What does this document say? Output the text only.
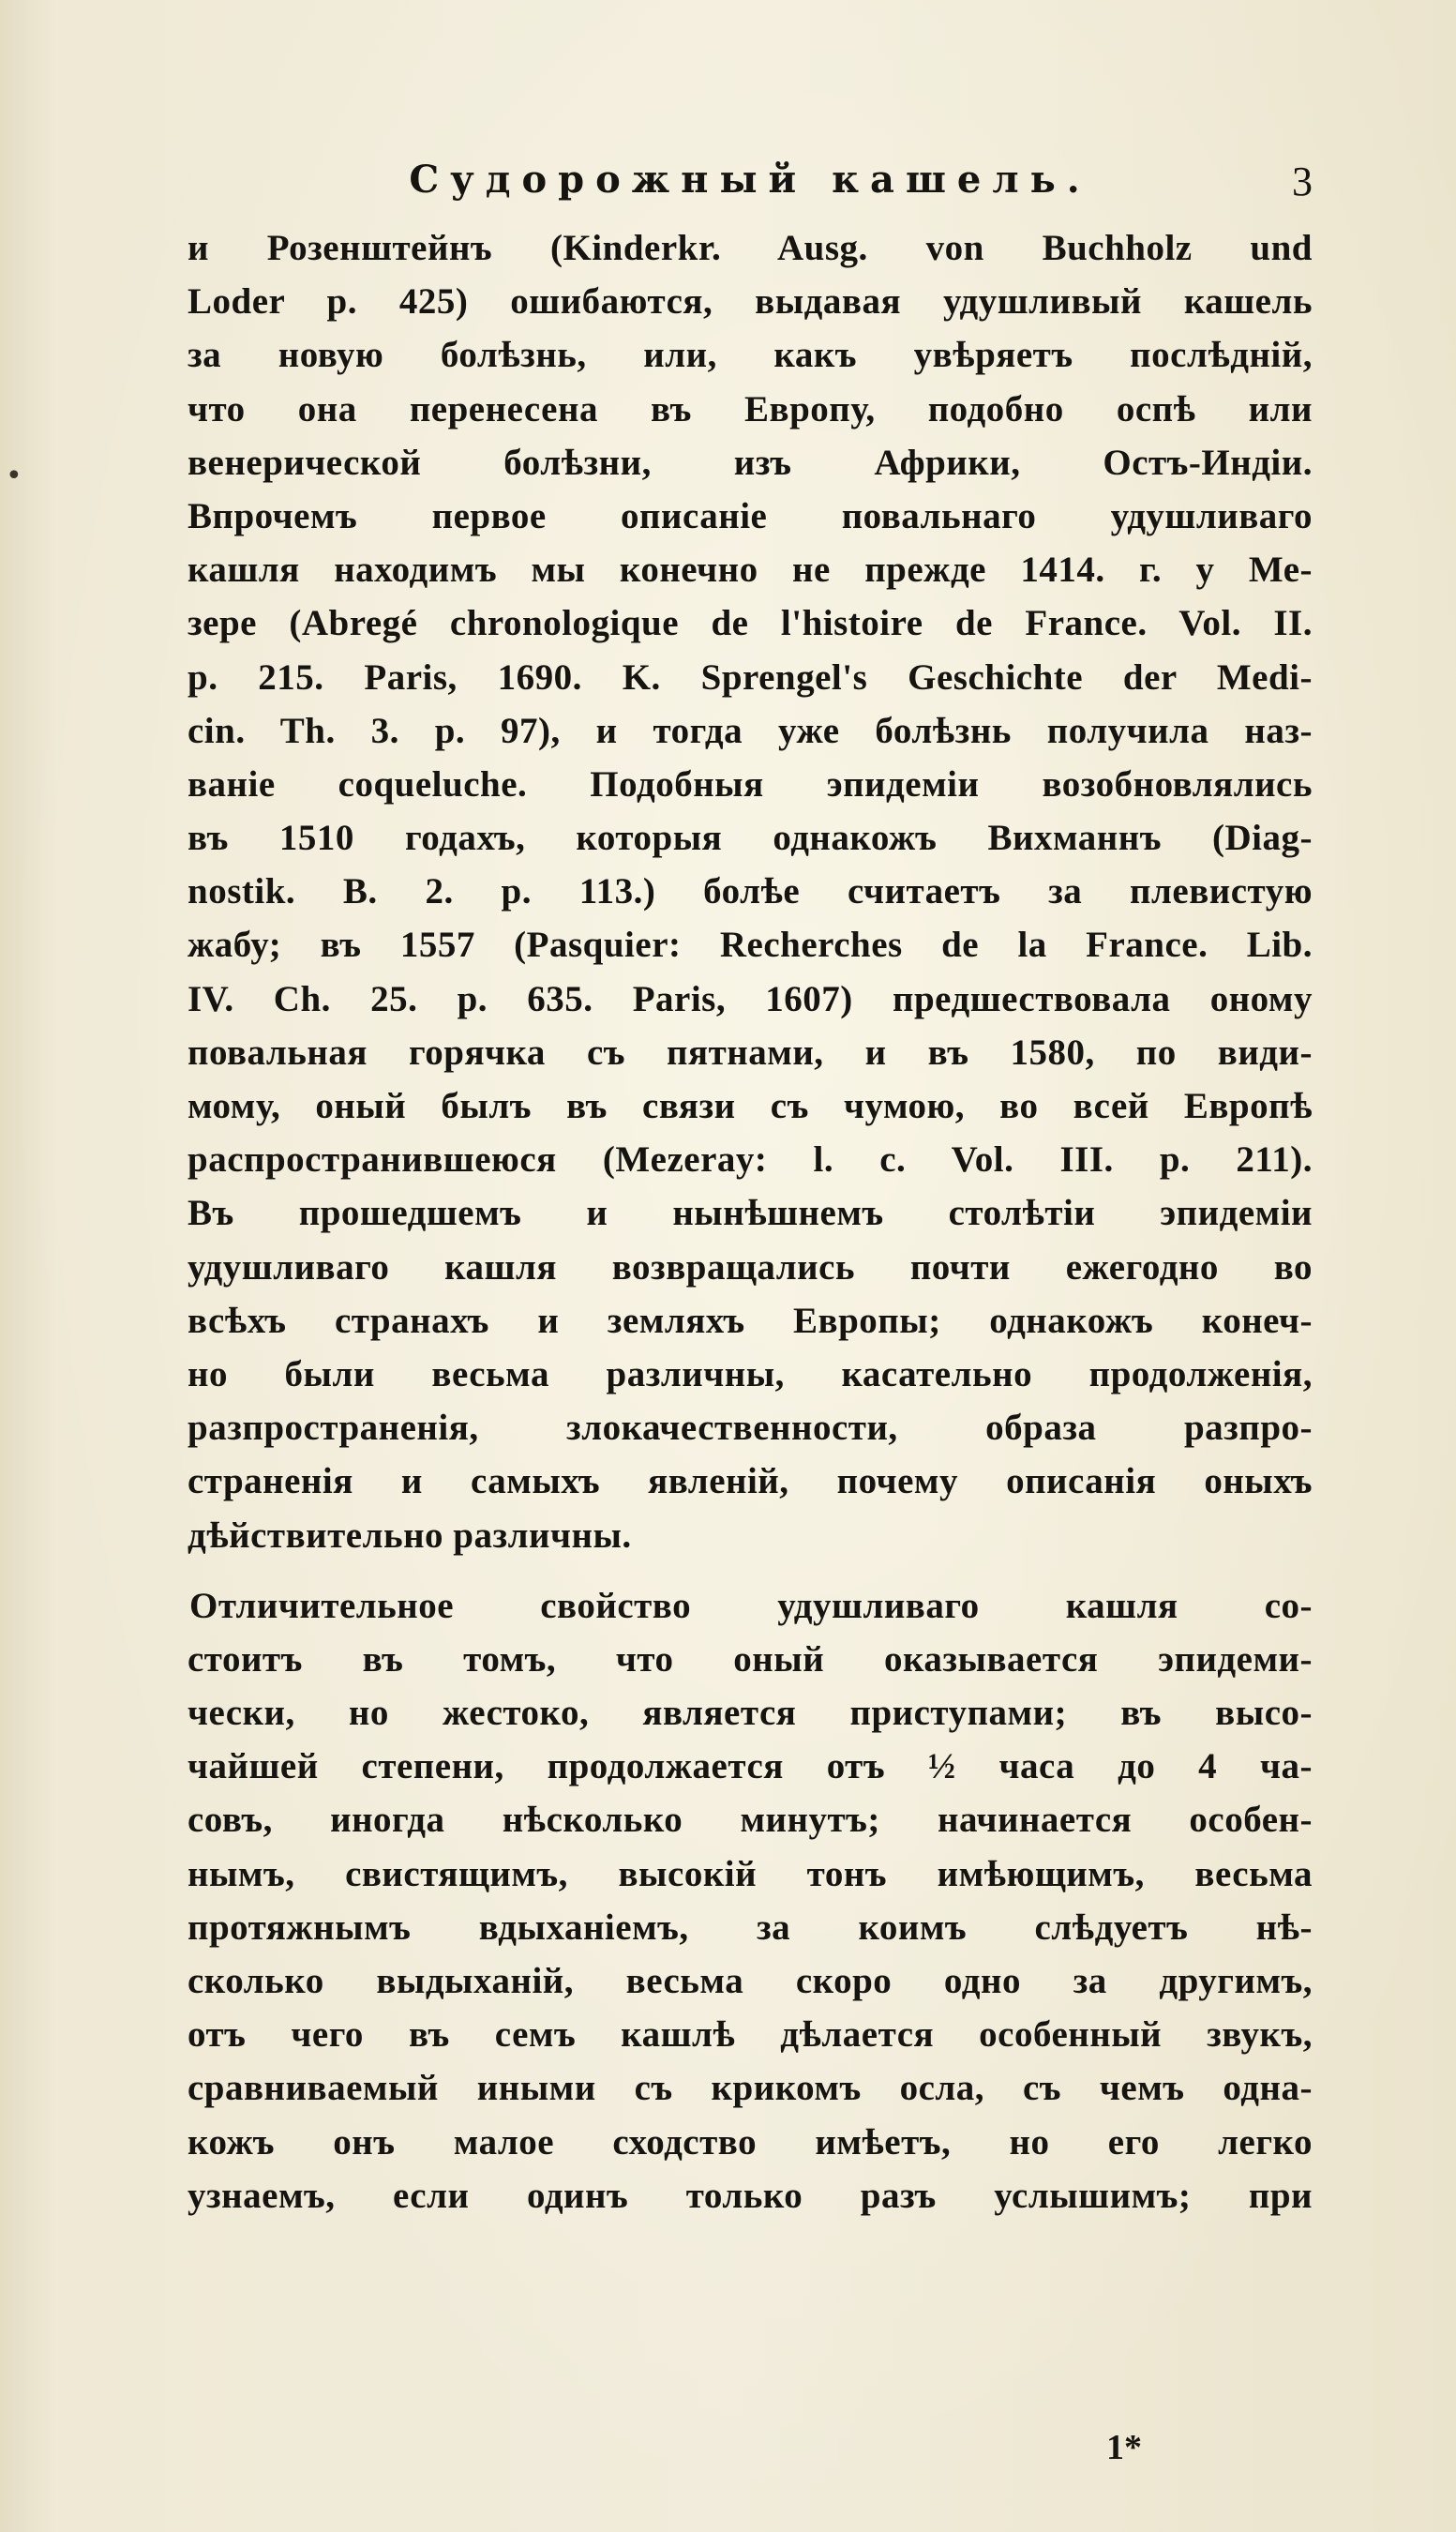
Судорожный кашель.	3
•
и Розенштейнъ (Kinderkr. Ausg. von Buchholz und
Loder p. 425) ошибаются, выдавая удушливый кашель
за новую болѣзнь, или, какъ увѣряетъ послѣдній,
что она перенесена въ Европу, подобно оспѣ или
венерической болѣзни, изъ Африки, Остъ-Индіи.
Впрочемъ первое описаніе повальнаго удушливаго
кашля находимъ мы конечно не прежде 1414. г. у Ме-
зере (Abregé chronologique de l'histoire de France. Vol. II.
p. 215. Paris, 1690. K. Sprengel's Geschichte der Medi-
cin. Th. 3. p. 97), и тогда уже болѣзнь получила наз-
ваніе coqueluche. Подобныя эпидеміи возобновлялись
въ 1510 годахъ, которыя однакожъ Вихманнъ (Diag-
nostik. B. 2. p. 113.) болѣе считаетъ за плевистую
жабу; въ 1557 (Pasquier: Recherches de la France. Lib.
IV. Ch. 25. p. 635. Paris, 1607) предшествовала оному
повальная горячка съ пятнами, и въ 1580, по види-
мому, оный былъ въ связи съ чумою, во всей Европѣ
распространившеюся (Mezeray: l. c. Vol. III. p. 211).
Въ прошедшемъ и нынѣшнемъ столѣтіи эпидеміи
удушливаго кашля возвращались почти ежегодно во
всѣхъ странахъ и земляхъ Европы; однакожъ конеч-
но были весьма различны, касательно продолженія,
разпространенія, злокачественности, образа разпро-
страненія и самыхъ явленій, почему описанія оныхъ
дѣйствительно различны.
Отличительное свойство удушливаго кашля со-
стоитъ въ томъ, что оный оказывается эпидеми-
чески, но жестоко, является приступами; въ высо-
чайшей степени, продолжается отъ ½ часа до 4 ча-
совъ, иногда нѣсколько минутъ; начинается особен-
нымъ, свистящимъ, высокій тонъ имѣющимъ, весьма
протяжнымъ вдыханіемъ, за коимъ слѣдуетъ нѣ-
сколько выдыханій, весьма скоро одно за другимъ,
отъ чего въ семъ кашлѣ дѣлается особенный звукъ,
сравниваемый иными съ крикомъ осла, съ чемъ одна-
кожъ онъ малое сходство имѣетъ, но его легко
узнаемъ, если одинъ только разъ услышимъ; при
1*
